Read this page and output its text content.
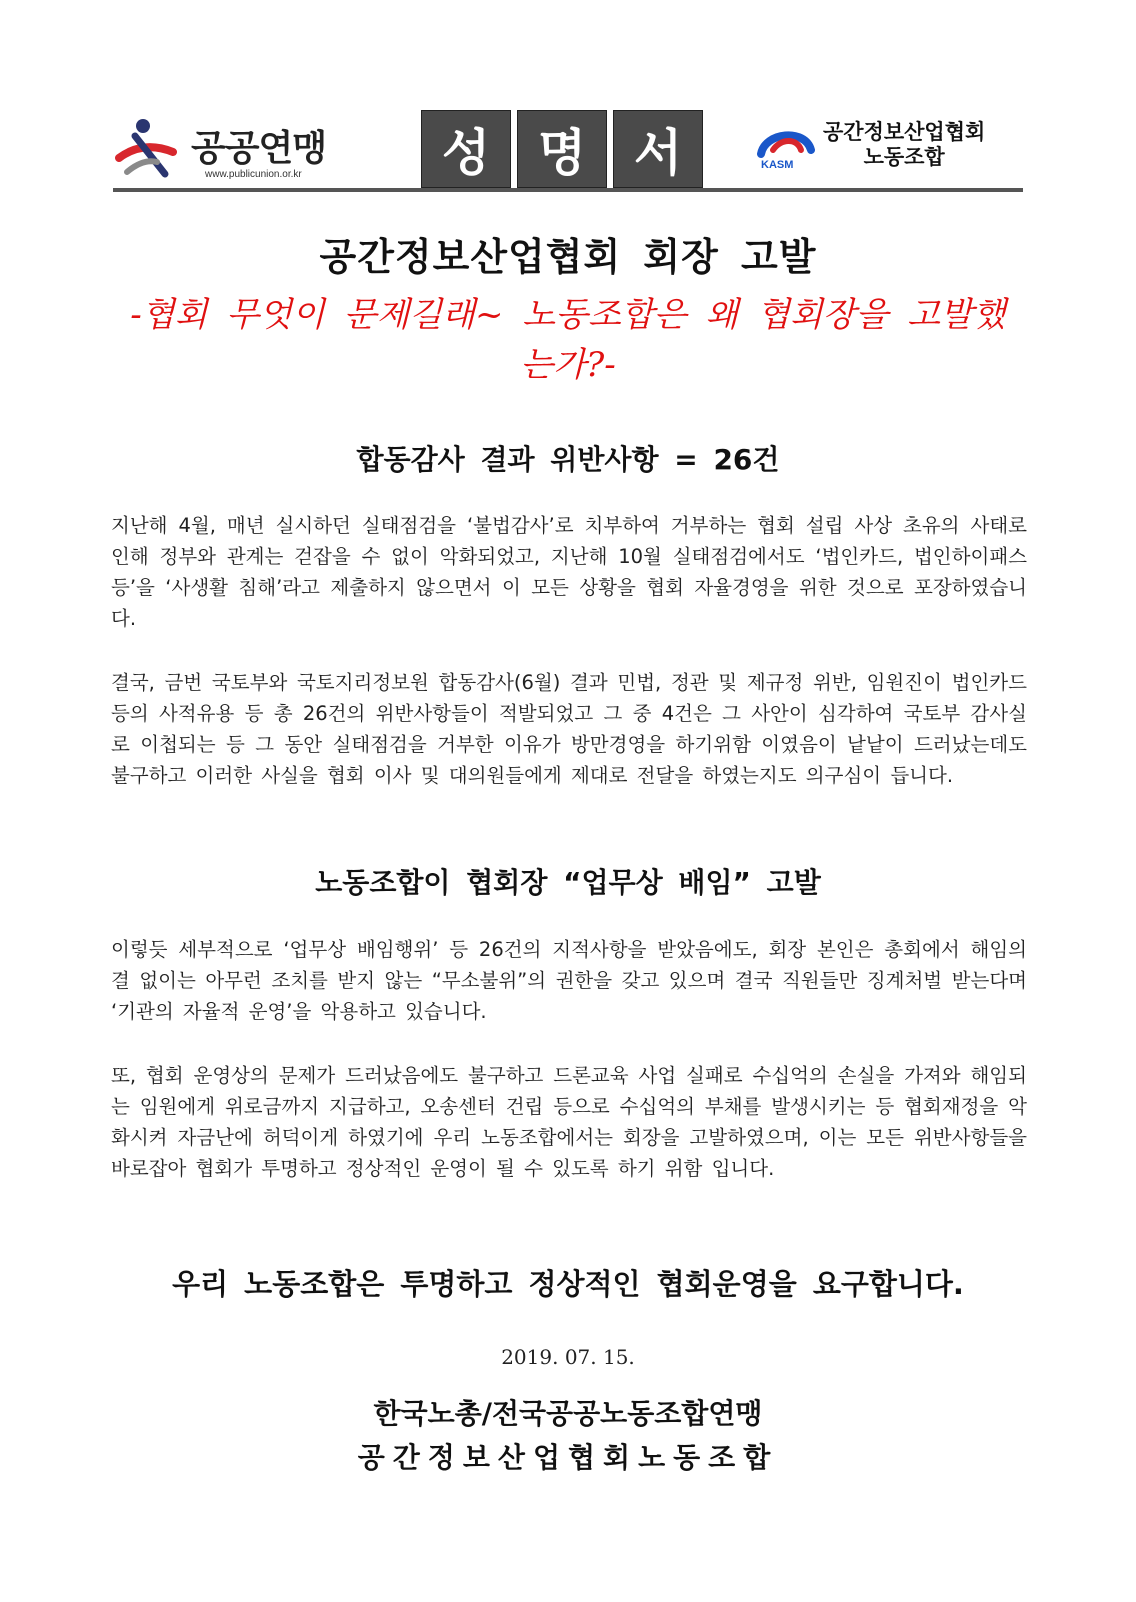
공공연맹
www.publicunion.or.kr	성 명 서	KASM
공간정보산업협회
노동조합
공간정보산업협회 회장 고발
-협회 무엇이 문제길래~ 노동조합은 왜 협회장을 고발했는가?-
합동감사 결과 위반사항 = 26건
지난해 4월, 매년 실시하던 실태점검을 ‘불법감사’로 치부하여 거부하는 협회 설립 사상 초유의 사태로 인해 정부와 관계는 걷잡을 수 없이 악화되었고, 지난해 10월 실태점검에서도 ‘법인카드, 법인하이패스 등’을 ‘사생활 침해’라고 제출하지 않으면서 이 모든 상황을 협회 자율경영을 위한 것으로 포장하였습니다.
결국, 금번 국토부와 국토지리정보원 합동감사(6월) 결과 민법, 정관 및 제규정 위반, 임원진이 법인카드 등의 사적유용 등 총 26건의 위반사항들이 적발되었고 그 중 4건은 그 사안이 심각하여 국토부 감사실로 이첩되는 등 그 동안 실태점검을 거부한 이유가 방만경영을 하기위함 이였음이 낱낱이 드러났는데도 불구하고 이러한 사실을 협회 이사 및 대의원들에게 제대로 전달을 하였는지도 의구심이 듭니다.
노동조합이 협회장 “업무상 배임” 고발
이렇듯 세부적으로 ‘업무상 배임행위’ 등 26건의 지적사항을 받았음에도, 회장 본인은 총회에서 해임의결 없이는 아무런 조치를 받지 않는 “무소불위”의 권한을 갖고 있으며 결국 직원들만 징계처벌 받는다며 ‘기관의 자율적 운영’을 악용하고 있습니다.
또, 협회 운영상의 문제가 드러났음에도 불구하고 드론교육 사업 실패로 수십억의 손실을 가져와 해임되는 임원에게 위로금까지 지급하고, 오송센터 건립 등으로 수십억의 부채를 발생시키는 등 협회재정을 악화시켜 자금난에 허덕이게 하였기에 우리 노동조합에서는 회장을 고발하였으며, 이는 모든 위반사항들을 바로잡아 협회가 투명하고 정상적인 운영이 될 수 있도록 하기 위함 입니다.
우리 노동조합은 투명하고 정상적인 협회운영을 요구합니다.
2019. 07. 15.
한국노총/전국공공노동조합연맹
공간정보산업협회노동조합
